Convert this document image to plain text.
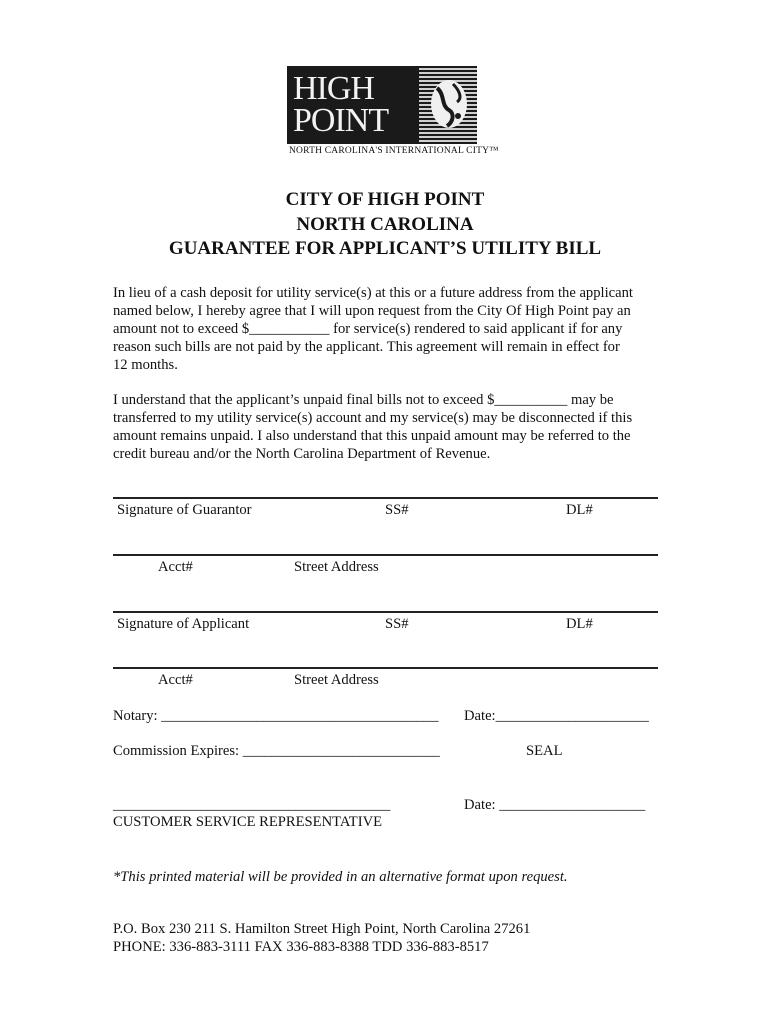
HIGH
POINT
NORTH CAROLINA'S INTERNATIONAL CITY™
CITY OF HIGH POINT
NORTH CAROLINA
GUARANTEE FOR APPLICANT’S UTILITY BILL
In lieu of a cash deposit for utility service(s) at this or a future address from the applicant
named below, I hereby agree that I will upon request from the City Of High Point pay an
amount not to exceed $___________ for service(s) rendered to said applicant if for any
reason such bills are not paid by the applicant. This agreement will remain in effect for
12 months.
I understand that the applicant’s unpaid final bills not to exceed $__________ may be
transferred to my utility service(s) account and my service(s) may be disconnected if this
amount remains unpaid. I also understand that this unpaid amount may be referred to the
credit bureau and/or the North Carolina Department of Revenue.
Signature of Guarantor	SS#	DL#
Acct#	Street Address
Signature of Applicant	SS#	DL#
Acct#	Street Address
Notary: ______________________________________ Date:_____________________
Commission Expires: ___________________________	SEAL
______________________________________	Date: ____________________
CUSTOMER SERVICE REPRESENTATIVE
*This printed material will be provided in an alternative format upon request.
P.O. Box 230 211 S. Hamilton Street High Point, North Carolina 27261
PHONE: 336-883-3111 FAX 336-883-8388 TDD 336-883-8517
